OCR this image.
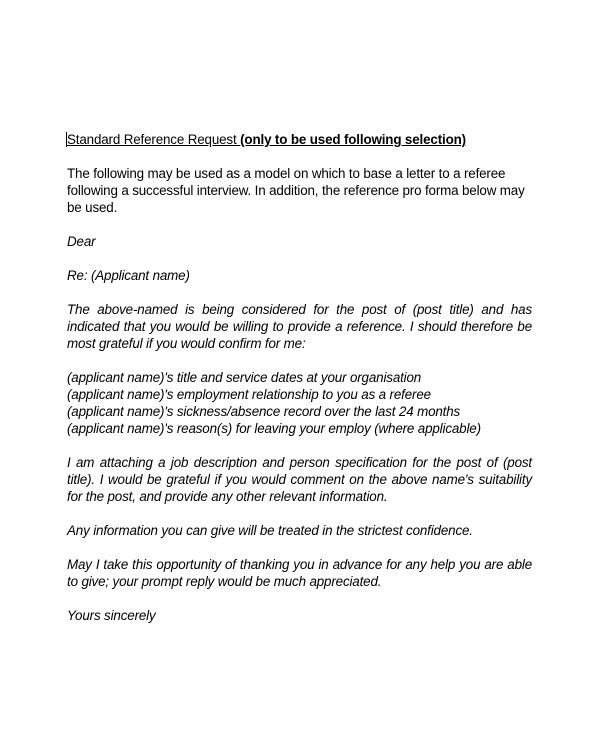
Standard Reference Request (only to be used following selection)

The following may be used as a model on which to base a letter to a referee following a successful interview. In addition, the reference pro forma below may be used.

Dear

Re: (Applicant name)

The above-named is being considered for the post of (post title) and has indicated that you would be willing to provide a reference. I should therefore be most grateful if you would confirm for me:

(applicant name)'s title and service dates at your organisation

(applicant name)'s employment relationship to you as a referee

(applicant name)'s sickness/absence record over the last 24 months

(applicant name)'s reason(s) for leaving your employ (where applicable)

I am attaching a job description and person specification for the post of (post title). I would be grateful if you would comment on the above name's suitability for the post, and provide any other relevant information.

Any information you can give will be treated in the strictest confidence.

May I take this opportunity of thanking you in advance for any help you are able to give; your prompt reply would be much appreciated.

Yours sincerely
